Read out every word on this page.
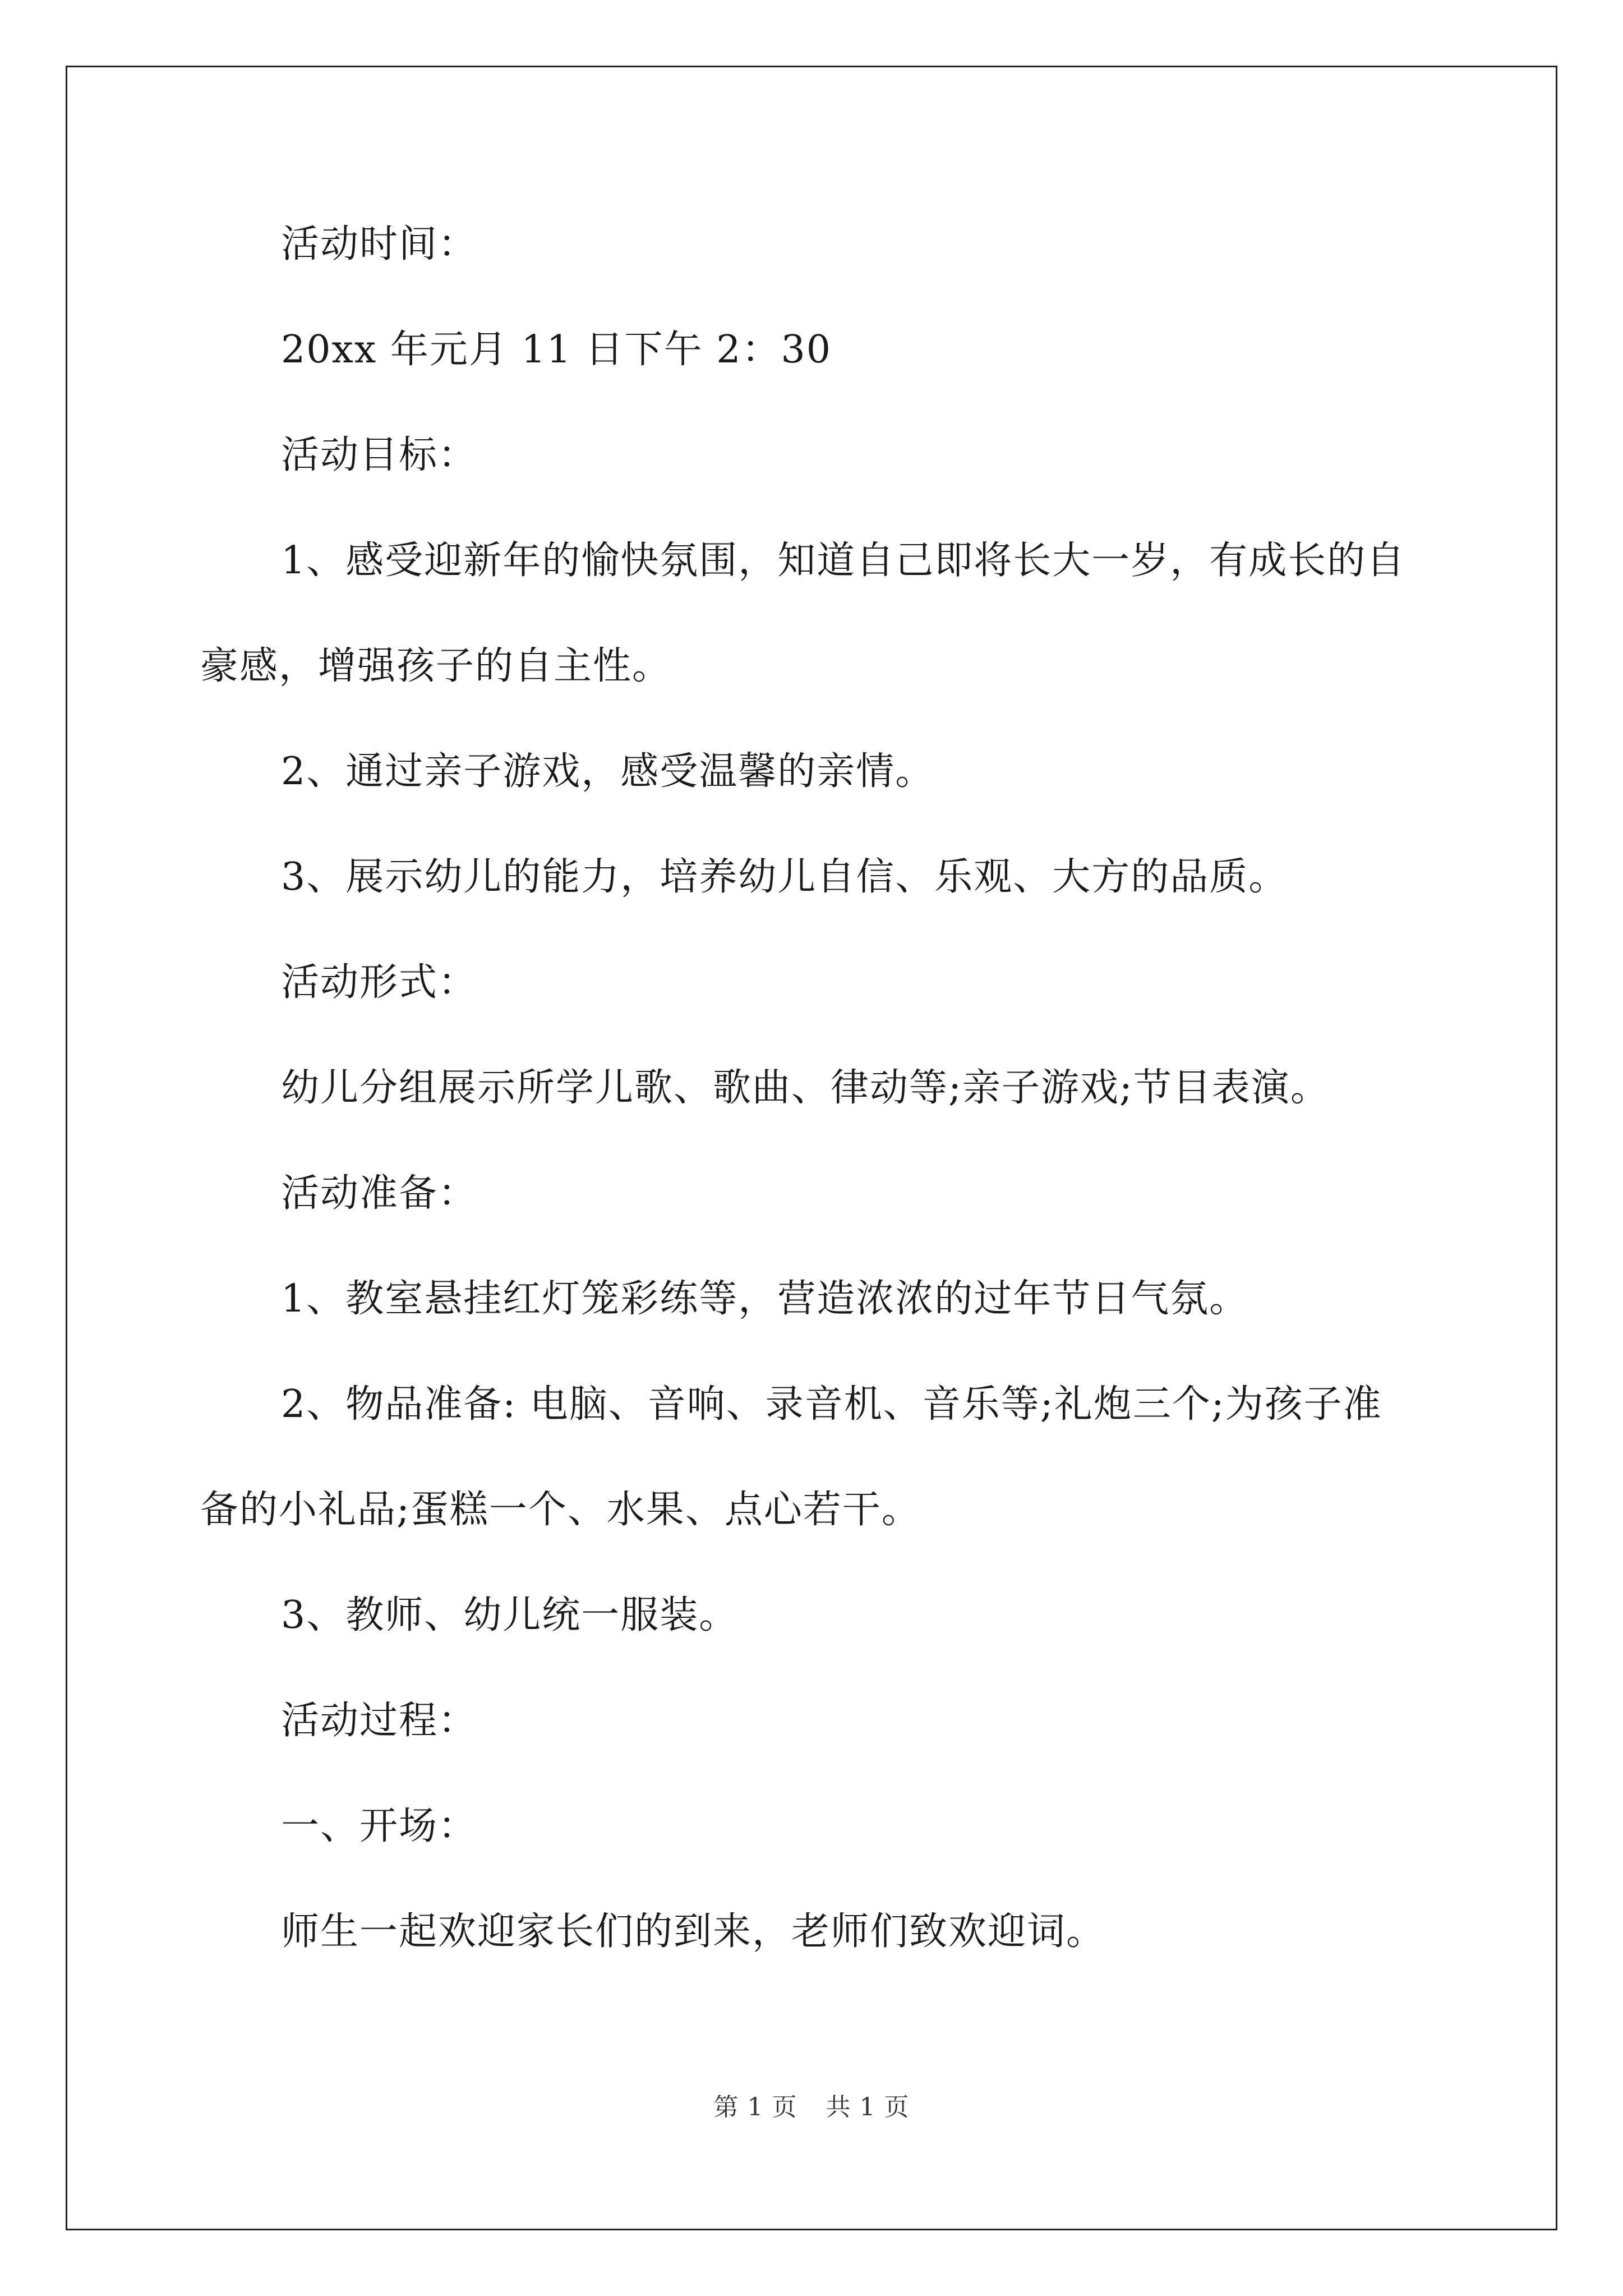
活动时间：

20xx 年元月 11 日下午 2：30

活动目标：

1、感受迎新年的愉快氛围，知道自己即将长大一岁，有成长的自

豪感，增强孩子的自主性。

2、通过亲子游戏，感受温馨的亲情。

3、展示幼儿的能力，培养幼儿自信、乐观、大方的品质。

活动形式：

幼儿分组展示所学儿歌、歌曲、律动等;亲子游戏;节目表演。

活动准备：

1、教室悬挂红灯笼彩练等，营造浓浓的过年节日气氛。

2、物品准备: 电脑、音响、录音机、音乐等;礼炮三个;为孩子准

备的小礼品;蛋糕一个、水果、点心若干。

3、教师、幼儿统一服装。

活动过程：

一、开场：

师生一起欢迎家长们的到来，老师们致欢迎词。

第 1 页 共 1 页
